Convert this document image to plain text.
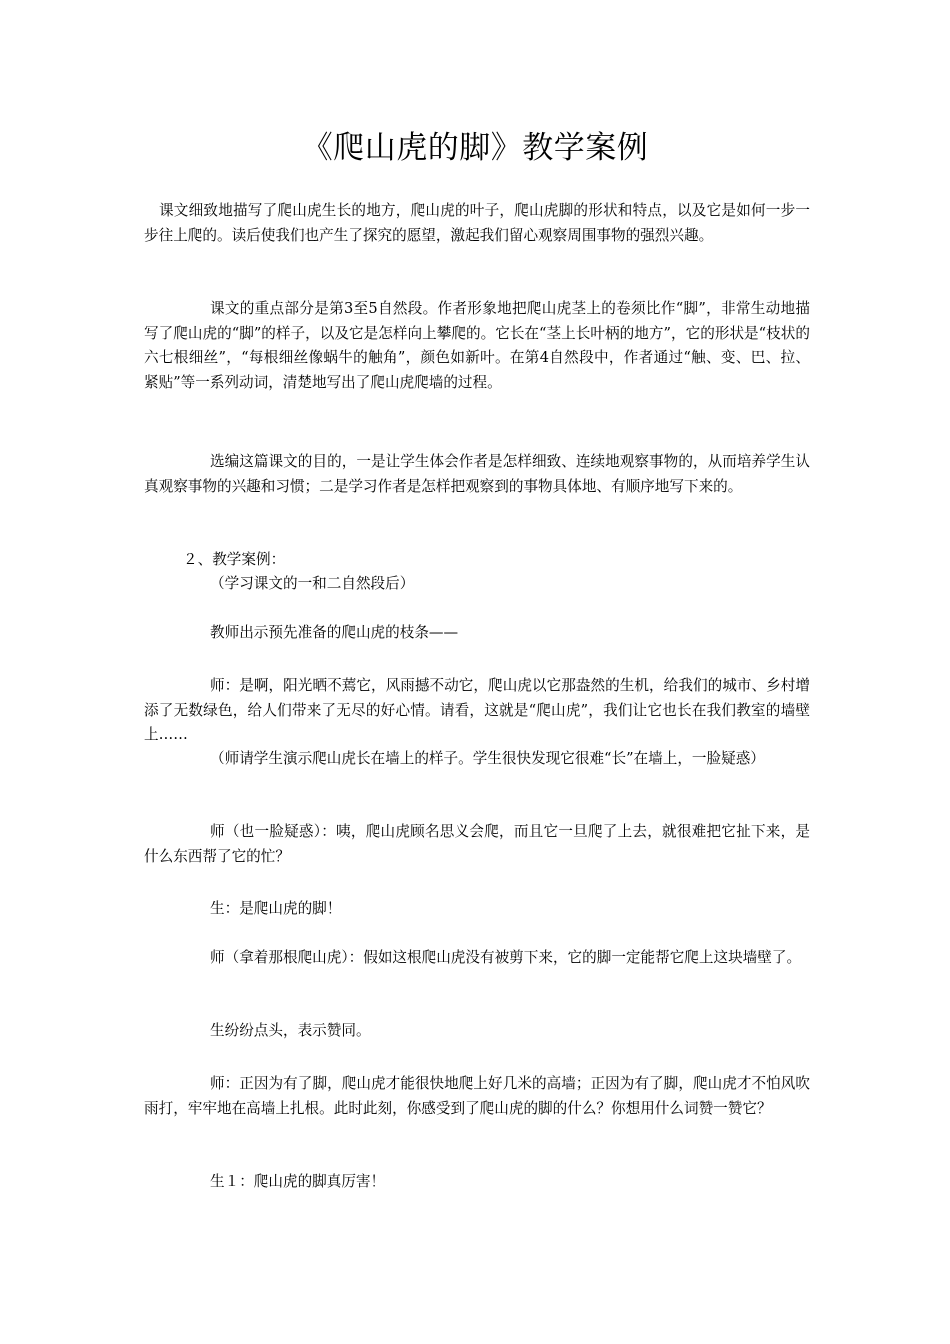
《爬山虎的脚》教学案例

课文细致地描写了爬山虎生长的地方，爬山虎的叶子，爬山虎脚的形状和特点，以及它是如何一步一步往上爬的。读后使我们也产生了探究的愿望，激起我们留心观察周围事物的强烈兴趣。

课文的重点部分是第3至5自然段。作者形象地把爬山虎茎上的卷须比作“脚”，非常生动地描写了爬山虎的“脚”的样子，以及它是怎样向上攀爬的。它长在“茎上长叶柄的地方”，它的形状是“枝状的六七根细丝”，“每根细丝像蜗牛的触角”，颜色如新叶。在第4自然段中，作者通过“触、变、巴、拉、紧贴”等一系列动词，清楚地写出了爬山虎爬墙的过程。

选编这篇课文的目的，一是让学生体会作者是怎样细致、连续地观察事物的，从而培养学生认真观察事物的兴趣和习惯；二是学习作者是怎样把观察到的事物具体地、有顺序地写下来的。

２、教学案例：

（学习课文的一和二自然段后）

教师出示预先准备的爬山虎的枝条——

师：是啊，阳光晒不蔫它，风雨撼不动它，爬山虎以它那盎然的生机，给我们的城市、乡村增添了无数绿色，给人们带来了无尽的好心情。请看，这就是“爬山虎”，我们让它也长在我们教室的墙壁上……

（师请学生演示爬山虎长在墙上的样子。学生很快发现它很难“长”在墙上，一脸疑惑）

师（也一脸疑惑）：咦，爬山虎顾名思义会爬，而且它一旦爬了上去，就很难把它扯下来，是什么东西帮了它的忙？

生：是爬山虎的脚！

师（拿着那根爬山虎）：假如这根爬山虎没有被剪下来，它的脚一定能帮它爬上这块墙壁了。

生纷纷点头，表示赞同。

师：正因为有了脚，爬山虎才能很快地爬上好几米的高墙；正因为有了脚，爬山虎才不怕风吹雨打，牢牢地在高墙上扎根。此时此刻，你感受到了爬山虎的脚的什么？你想用什么词赞一赞它？

生１：爬山虎的脚真厉害！
